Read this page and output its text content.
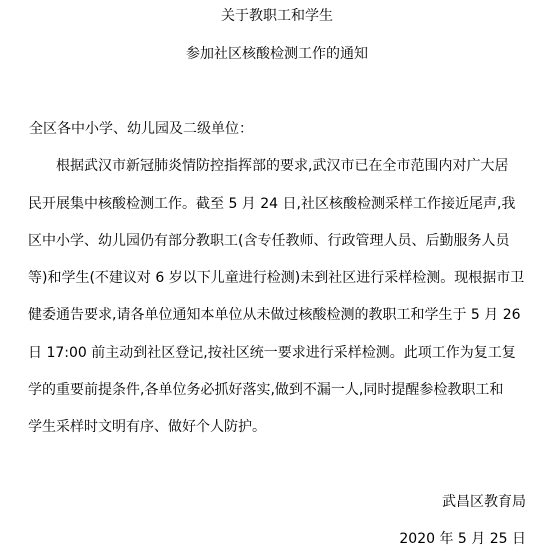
关于教职工和学生
参加社区核酸检测工作的通知
全区各中小学、幼儿园及二级单位：
　　根据武汉市新冠肺炎情防控指挥部的要求,武汉市已在全市范围内对广大居
民开展集中核酸检测工作。截至 5 月 24 日,社区核酸检测采样工作接近尾声,我
区中小学、幼儿园仍有部分教职工(含专任教师、行政管理人员、后勤服务人员
等)和学生(不建议对 6 岁以下儿童进行检测)未到社区进行采样检测。现根据市卫
健委通告要求,请各单位通知本单位从未做过核酸检测的教职工和学生于 5 月 26
日 17:00 前主动到社区登记,按社区统一要求进行采样检测。此项工作为复工复
学的重要前提条件,各单位务必抓好落实,做到不漏一人,同时提醒参检教职工和
学生采样时文明有序、做好个人防护。
武昌区教育局
2020 年 5 月 25 日
